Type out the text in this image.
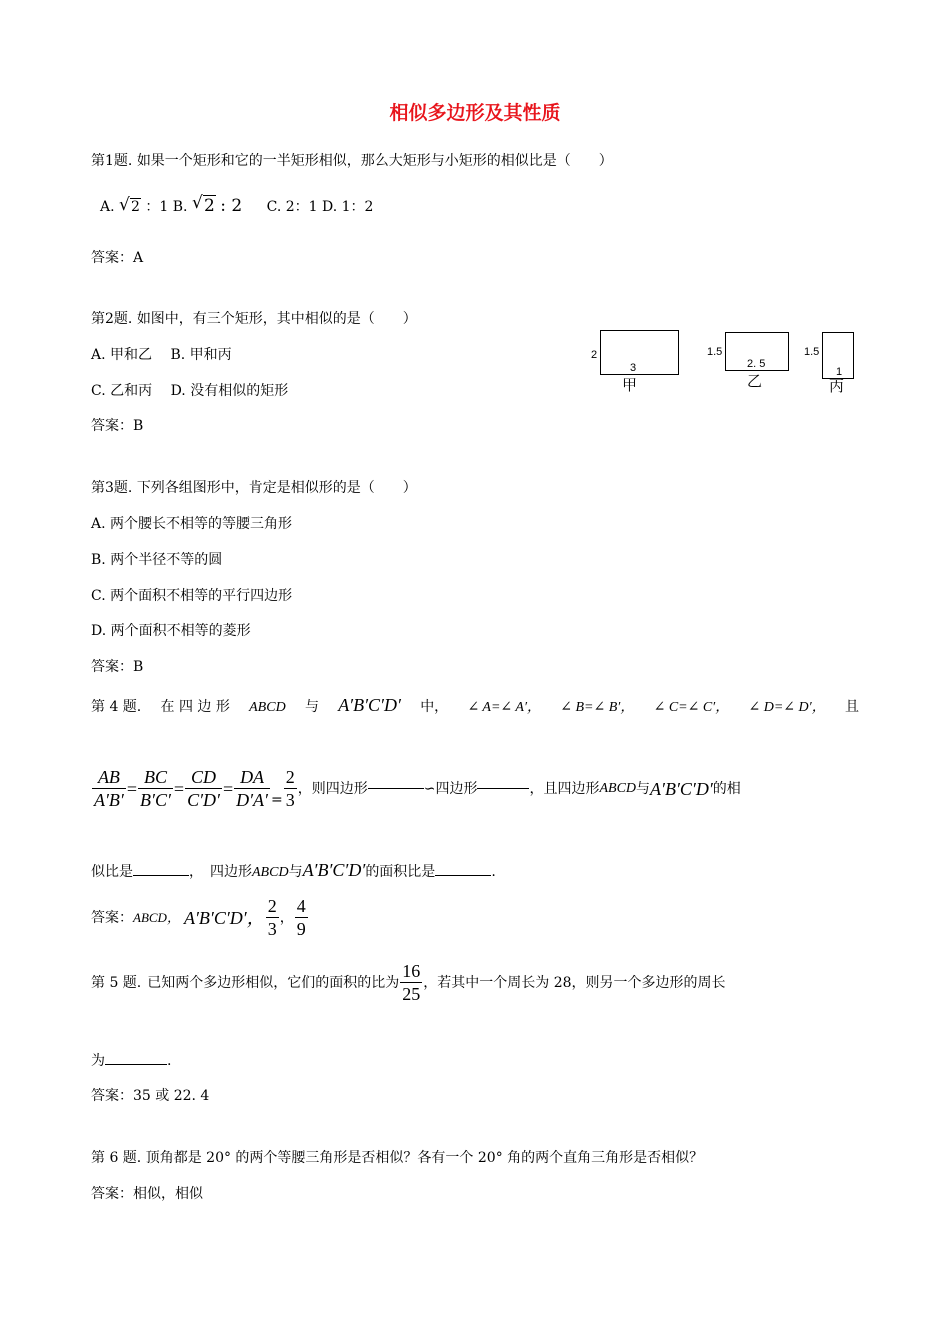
相似多边形及其性质
第1题. 如果一个矩形和它的一半矩形相似，那么大矩形与小矩形的相似比是（　　）
A. √ 2 ：1 B. √ 2 : 2 C. 2：1 D. 1：2
答案：A
第2题. 如图中，有三个矩形，其中相似的是（　　）
A. 甲和乙　 B. 甲和丙
C. 乙和丙　 D. 没有相似的矩形
答案：B
2
3
甲
1.5
2. 5
乙
1.5
1
丙
第3题. 下列各组图形中，肯定是相似形的是（　　）
A. 两个腰长不相等的等腰三角形
B. 两个半径不等的圆
C. 两个面积不相等的平行四边形
D. 两个面积不相等的菱形
答案：B
第 4 题. 在 四 边 形 ABCD 与 A′B′C′D′ 中， ∠ A=∠ A′， ∠ B=∠ B′， ∠ C=∠ C′， ∠ D=∠ D′， 且
$\frac{AB}{A'B'} = \frac{BC}{B'C'} = \frac{CD}{C'D'} = \frac{DA}{D'A'} = \frac{2}{3}$ ，则四边形	∽四边形	，且四边形 ABCD 与 A′B′C′D′ 的相
似比是	，　四边形 ABCD 与 A′B′C′D′ 的面积比是	.
答案： ABCD， A′B′C′D′， $\frac{2}{3}$ ， $\frac{4}{9}$
第 5 题. 已知两个多边形相似，它们的面积的比为 $\frac{16}{25}$ ，若其中一个周长为 28，则另一个多边形的周长
为	.
答案：35 或 22. 4
第 6 题. 顶角都是 20° 的两个等腰三角形是否相似？各有一个 20° 角的两个直角三角形是否相似？
答案：相似，相似
